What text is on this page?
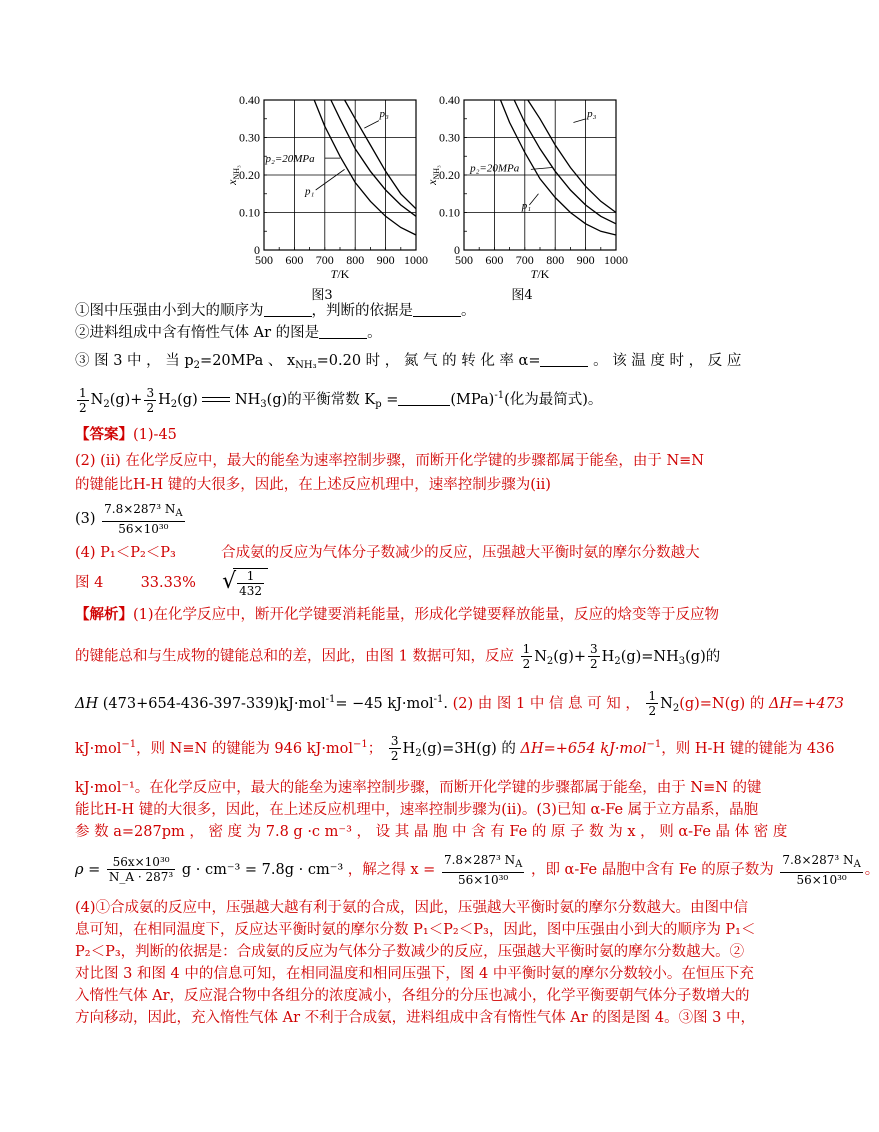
500 600 700 800 900 1000
0
0.10
0.20
0.30
0.40
T/K
$x_{NH_3}$
p₃
p₂=20MPa
p₁
图3
500 600 700 800 900 1000
0
0.10
0.20
0.30
0.40
T/K
$x_{NH_3}$
p₃
p₂=20MPa
p₁
图4
①图中压强由小到大的顺序为	，判断的依据是	。
②进料组成中含有惰性气体 Ar 的图是	。
③ 图 3 中 ， 当 $p_2=20MPa$ 、 $x_{NH_3}=0.20$ 时 ， 氮 气 的 转 化 率 α=	。 该 温 度 时 ， 反 应
$\frac{1}{2} N_2(g)+ \frac{3}{2} H_2(g)$	$NH_3(g)$的平衡常数 $K_p$ =	(MPa)$^{-1}$(化为最简式)。
【答案】(1)-45
(2) (ⅱ) 在化学反应中，最大的能垒为速率控制步骤，而断开化学键的步骤都属于能垒，由于 N≡N
的键能比H-H 键的大很多，因此，在上述反应机理中，速率控制步骤为(ⅱ)
$(3) \frac{7.8\times 287^3 N_A}{\text{56×10³⁰}}$
(4) P₁＜P₂＜P₃	合成氨的反应为气体分子数减少的反应，压强越大平衡时氨的摩尔分数越大
图 4	33.33%	√ $\frac{1}{432}$
【解析】(1)在化学反应中，断开化学键要消耗能量，形成化学键要释放能量，反应的焓变等于反应物
的键能总和与生成物的键能总和的差，因此，由图 1 数据可知，反应 $\frac{1}{2} N_2(g)+ \frac{3}{2} H_2(g)=NH_3(g)$的
ΔH (473+654-436-397-339)kJ·mol$^{-1}$= −45 kJ·mol$^{-1}$. (2) 由 图 1 中 信 息 可 知 ， $\frac{1}{2} N_2(g)=N(g)$ 的 ΔH=+473
kJ·mol$^{-1}$，则 N≡N 的键能为 946 kJ·mol$^{-1}$； $\frac{3}{2} H_2(g)=3H(g)$ 的 ΔH=+654 kJ·mol$^{-1}$，则 H-H 键的键能为 436
kJ·mol⁻¹。在化学反应中，最大的能垒为速率控制步骤，而断开化学键的步骤都属于能垒，由于 N≡N 的键
能比H-H 键的大很多，因此，在上述反应机理中，速率控制步骤为(ⅱ)。(3)已知 α-Fe 属于立方晶系，晶胞
参 数 a=287pm ， 密 度 为 7.8 g ·c m⁻³ ， 设 其 晶 胞 中 含 有 Fe 的 原 子 数 为 x ， 则 α-Fe 晶 体 密 度
$\rho = \frac{\text{56x×10³⁰}}{\text{N\_A · 287³}}$ g · cm⁻³ = 7.8g · cm⁻³ ，解之得 $x = \frac{7.8\times 287^3 N_A}{\text{56×10³⁰}}$ ，即 α-Fe 晶胞中含有 Fe 的原子数为 $\frac{7.8\times 287^3 N_A}{\text{56×10³⁰}}$ 。
(4)①合成氨的反应中，压强越大越有利于氨的合成，因此，压强越大平衡时氨的摩尔分数越大。由图中信
息可知，在相同温度下，反应达平衡时氨的摩尔分数 P₁＜P₂＜P₃，因此，图中压强由小到大的顺序为 P₁＜
P₂＜P₃，判断的依据是：合成氨的反应为气体分子数减少的反应，压强越大平衡时氨的摩尔分数越大。②
对比图 3 和图 4 中的信息可知，在相同温度和相同压强下，图 4 中平衡时氨的摩尔分数较小。在恒压下充
入惰性气体 Ar，反应混合物中各组分的浓度减小，各组分的分压也减小，化学平衡要朝气体分子数增大的
方向移动，因此，充入惰性气体 Ar 不利于合成氨，进料组成中含有惰性气体 Ar 的图是图 4。③图 3 中，
